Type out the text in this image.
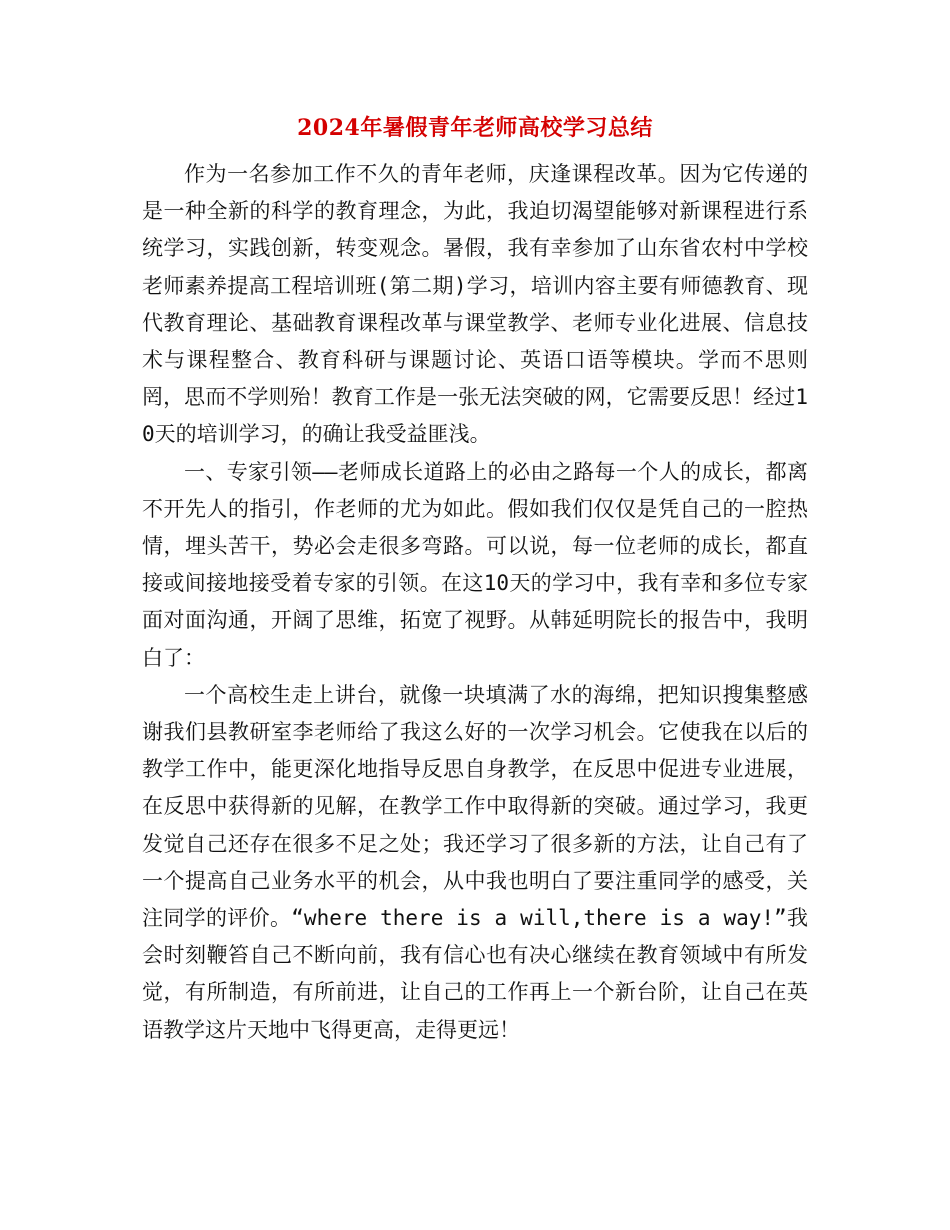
2024年暑假青年老师高校学习总结

作为一名参加工作不久的青年老师，庆逢课程改革。因为它传递的是一种全新的科学的教育理念，为此，我迫切渴望能够对新课程进行系统学习，实践创新，转变观念。暑假，我有幸参加了山东省农村中学校老师素养提高工程培训班(第二期)学习，培训内容主要有师德教育、现代教育理论、基础教育课程改革与课堂教学、老师专业化进展、信息技术与课程整合、教育科研与课题讨论、英语口语等模块。学而不思则罔，思而不学则殆！教育工作是一张无法突破的网，它需要反思！经过10天的培训学习，的确让我受益匪浅。

一、专家引领——老师成长道路上的必由之路每一个人的成长，都离不开先人的指引，作老师的尤为如此。假如我们仅仅是凭自己的一腔热情，埋头苦干，势必会走很多弯路。可以说，每一位老师的成长，都直接或间接地接受着专家的引领。在这10天的学习中，我有幸和多位专家面对面沟通，开阔了思维，拓宽了视野。从韩延明院长的报告中，我明白了：

一个高校生走上讲台，就像一块填满了水的海绵，把知识搜集整感谢我们县教研室李老师给了我这么好的一次学习机会。它使我在以后的教学工作中，能更深化地指导反思自身教学，在反思中促进专业进展，在反思中获得新的见解，在教学工作中取得新的突破。通过学习，我更发觉自己还存在很多不足之处；我还学习了很多新的方法，让自己有了一个提高自己业务水平的机会，从中我也明白了要注重同学的感受，关注同学的评价。“where there is a will,there is a way!”我会时刻鞭笞自己不断向前，我有信心也有决心继续在教育领域中有所发觉，有所制造，有所前进，让自己的工作再上一个新台阶，让自己在英语教学这片天地中飞得更高，走得更远！
